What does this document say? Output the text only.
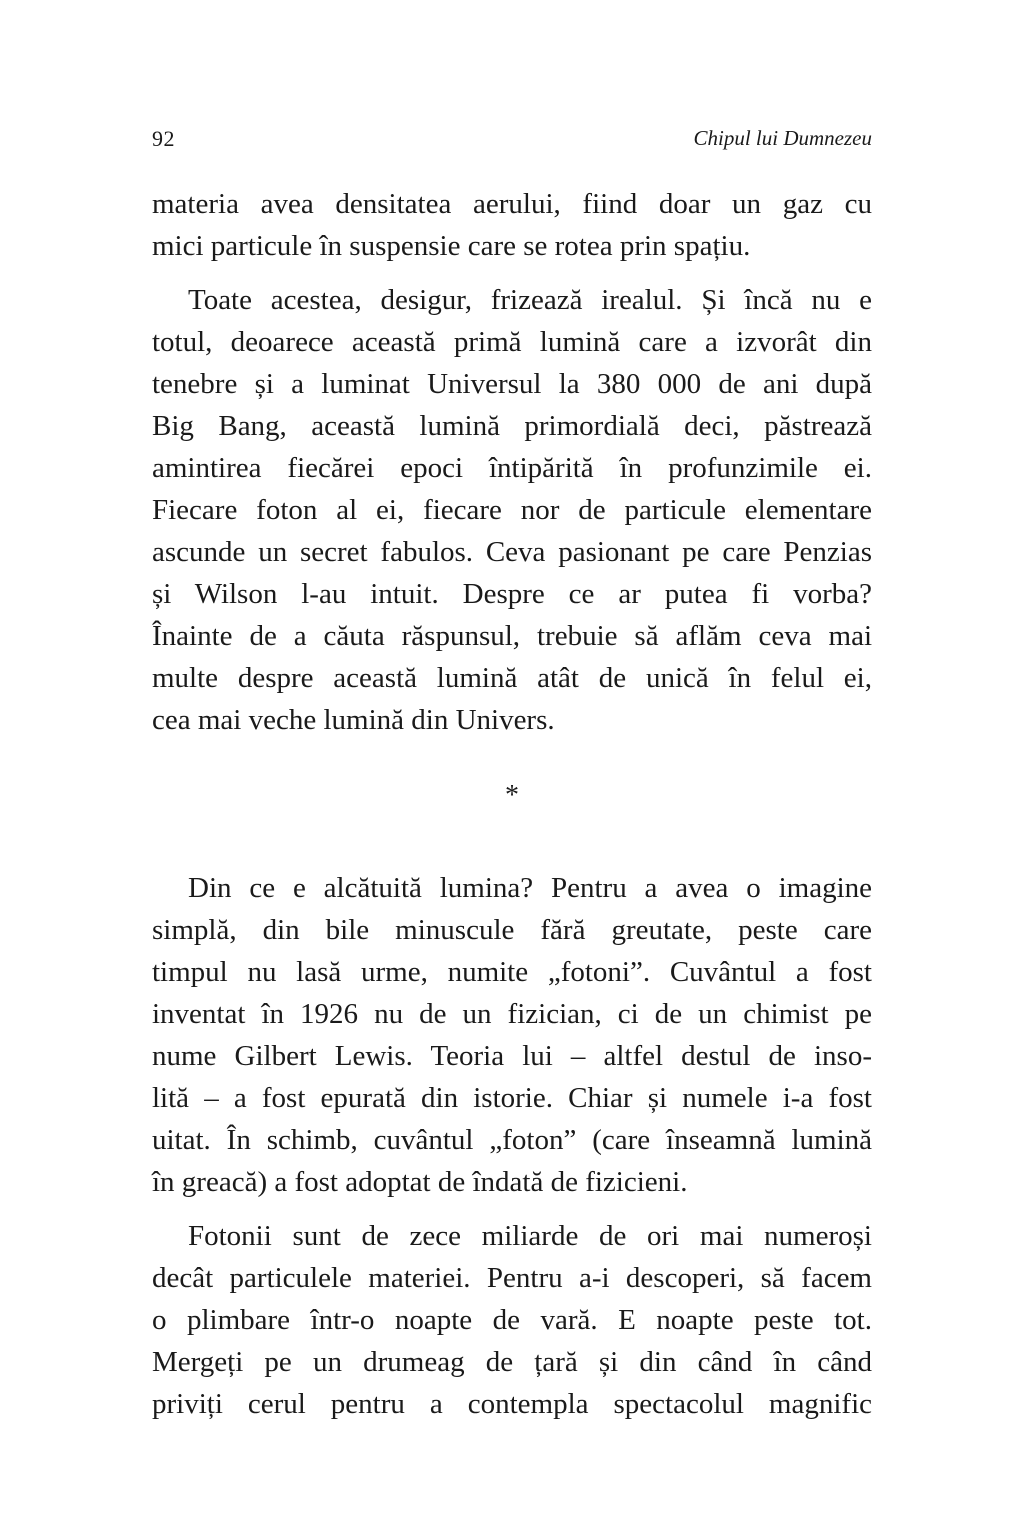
92	Chipul lui Dumnezeu
materia avea densitatea aerului, fiind doar un gaz cu
mici particule în suspensie care se rotea prin spațiu.
Toate acestea, desigur, frizează irealul. Și încă nu e
totul, deoarece această primă lumină care a izvorât din
tenebre și a luminat Universul la 380 000 de ani după
Big Bang, această lumină primordială deci, păstrează
amintirea fiecărei epoci întipărită în profunzimile ei.
Fiecare foton al ei, fiecare nor de particule elementare
ascunde un secret fabulos. Ceva pasionant pe care Penzias
și Wilson l-au intuit. Despre ce ar putea fi vorba?
Înainte de a căuta răspunsul, trebuie să aflăm ceva mai
multe despre această lumină atât de unică în felul ei,
cea mai veche lumină din Univers.
*
Din ce e alcătuită lumina? Pentru a avea o imagine
simplă, din bile minuscule fără greutate, peste care
timpul nu lasă urme, numite „fotoni”. Cuvântul a fost
inventat în 1926 nu de un fizician, ci de un chimist pe
nume Gilbert Lewis. Teoria lui – altfel destul de inso-
lită – a fost epurată din istorie. Chiar și numele i-a fost
uitat. În schimb, cuvântul „foton” (care înseamnă lumină
în greacă) a fost adoptat de îndată de fizicieni.
Fotonii sunt de zece miliarde de ori mai numeroși
decât particulele materiei. Pentru a-i descoperi, să facem
o plimbare într-o noapte de vară. E noapte peste tot.
Mergeți pe un drumeag de țară și din când în când
priviți cerul pentru a contempla spectacolul magnific
